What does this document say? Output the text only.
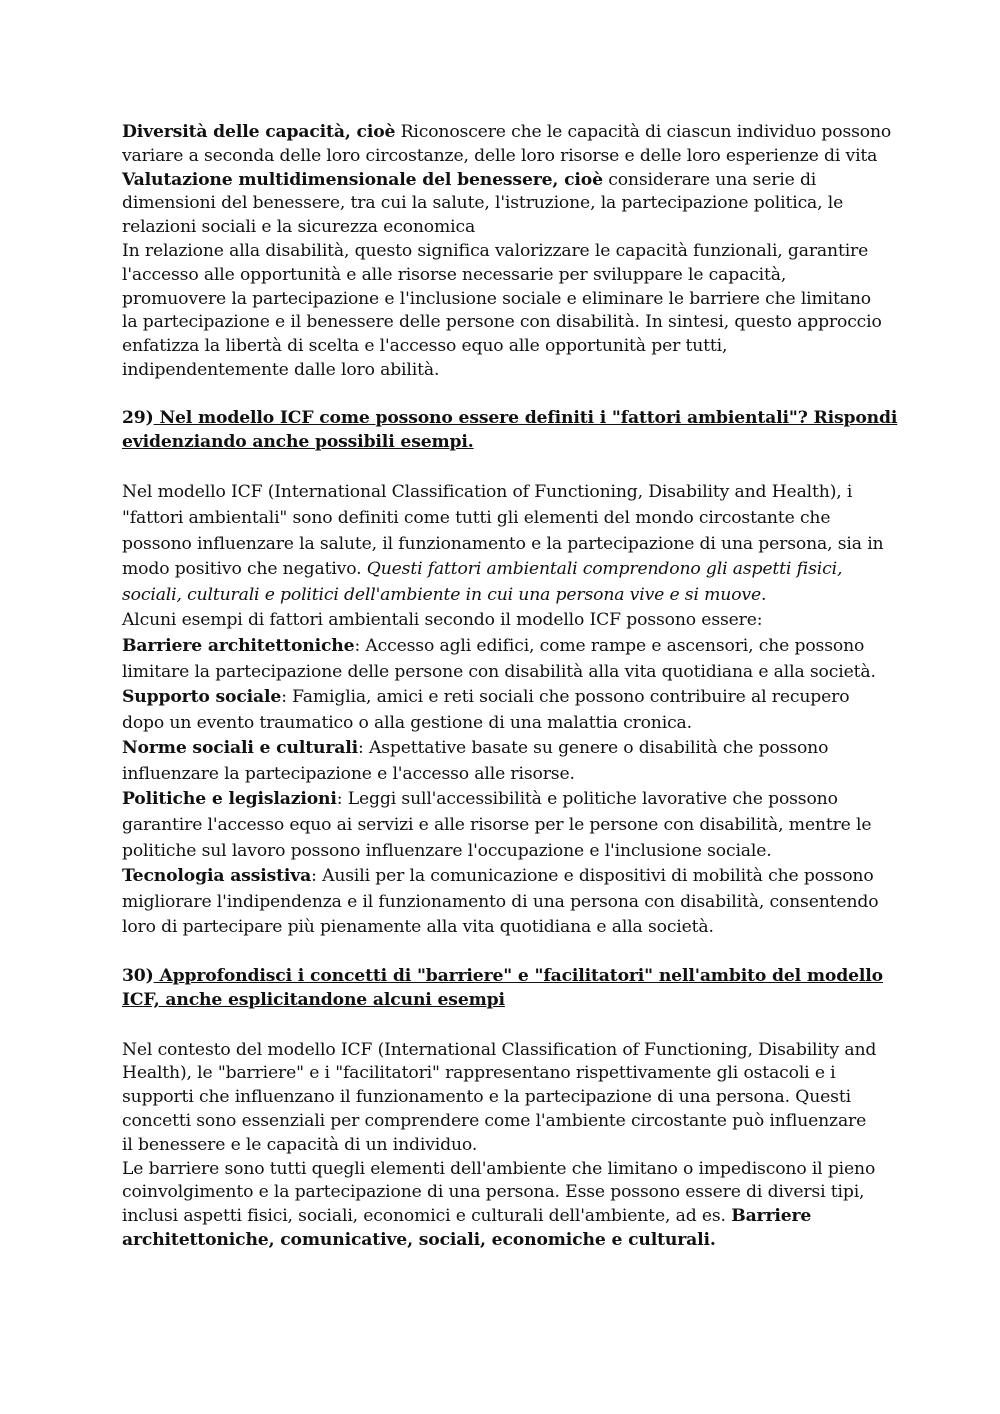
Diversità delle capacità, cioè Riconoscere che le capacità di ciascun individuo possono

variare a seconda delle loro circostanze, delle loro risorse e delle loro esperienze di vita

Valutazione multidimensionale del benessere, cioè considerare una serie di

dimensioni del benessere, tra cui la salute, l'istruzione, la partecipazione politica, le

relazioni sociali e la sicurezza economica

In relazione alla disabilità, questo significa valorizzare le capacità funzionali, garantire

l'accesso alle opportunità e alle risorse necessarie per sviluppare le capacità,

promuovere la partecipazione e l'inclusione sociale e eliminare le barriere che limitano

la partecipazione e il benessere delle persone con disabilità. In sintesi, questo approccio

enfatizza la libertà di scelta e l'accesso equo alle opportunità per tutti,

indipendentemente dalle loro abilità.

29) Nel modello ICF come possono essere definiti i "fattori ambientali"? Rispondi

evidenziando anche possibili esempi.

Nel modello ICF (International Classification of Functioning, Disability and Health), i

"fattori ambientali" sono definiti come tutti gli elementi del mondo circostante che

possono influenzare la salute, il funzionamento e la partecipazione di una persona, sia in

modo positivo che negativo. Questi fattori ambientali comprendono gli aspetti fisici,

sociali, culturali e politici dell'ambiente in cui una persona vive e si muove.

Alcuni esempi di fattori ambientali secondo il modello ICF possono essere:

Barriere architettoniche: Accesso agli edifici, come rampe e ascensori, che possono

limitare la partecipazione delle persone con disabilità alla vita quotidiana e alla società.

Supporto sociale: Famiglia, amici e reti sociali che possono contribuire al recupero

dopo un evento traumatico o alla gestione di una malattia cronica.

Norme sociali e culturali: Aspettative basate su genere o disabilità che possono

influenzare la partecipazione e l'accesso alle risorse.

Politiche e legislazioni: Leggi sull'accessibilità e politiche lavorative che possono

garantire l'accesso equo ai servizi e alle risorse per le persone con disabilità, mentre le

politiche sul lavoro possono influenzare l'occupazione e l'inclusione sociale.

Tecnologia assistiva: Ausili per la comunicazione e dispositivi di mobilità che possono

migliorare l'indipendenza e il funzionamento di una persona con disabilità, consentendo

loro di partecipare più pienamente alla vita quotidiana e alla società.

30) Approfondisci i concetti di "barriere" e "facilitatori" nell'ambito del modello

ICF, anche esplicitandone alcuni esempi

Nel contesto del modello ICF (International Classification of Functioning, Disability and

Health), le "barriere" e i "facilitatori" rappresentano rispettivamente gli ostacoli e i

supporti che influenzano il funzionamento e la partecipazione di una persona. Questi

concetti sono essenziali per comprendere come l'ambiente circostante può influenzare

il benessere e le capacità di un individuo.

Le barriere sono tutti quegli elementi dell'ambiente che limitano o impediscono il pieno

coinvolgimento e la partecipazione di una persona. Esse possono essere di diversi tipi,

inclusi aspetti fisici, sociali, economici e culturali dell'ambiente, ad es. Barriere

architettoniche, comunicative, sociali, economiche e culturali.
